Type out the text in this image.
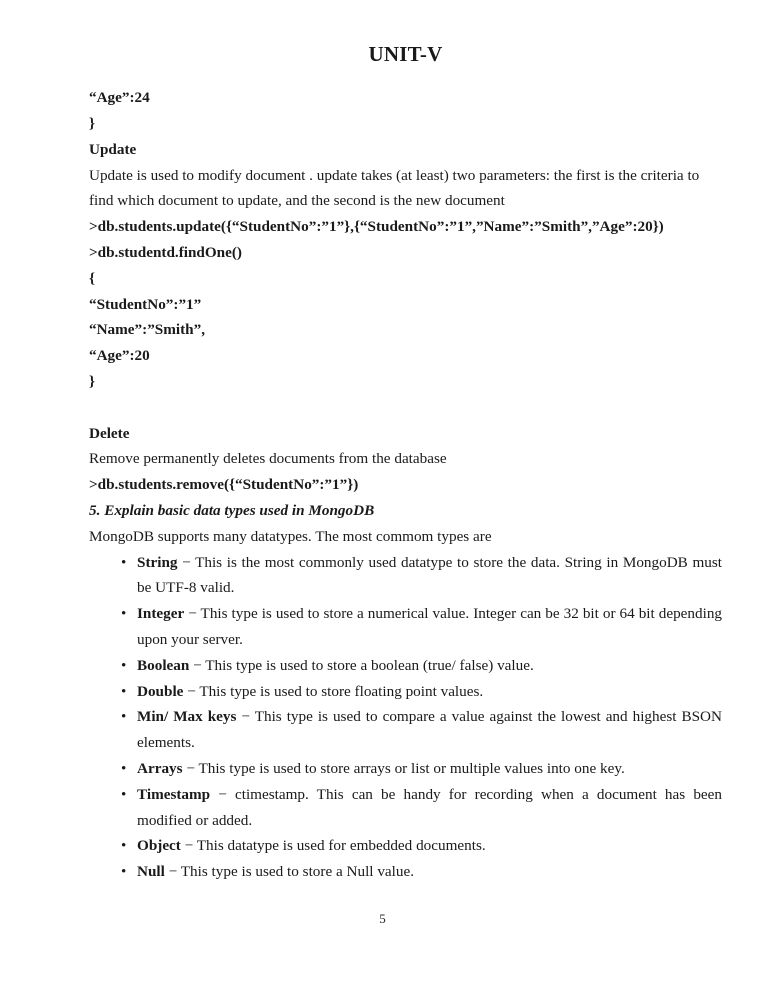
UNIT-V

“Age”:24

}

Update

Update is used to modify document . update takes (at least) two parameters: the first is the criteria to find which document to update, and the second is the new document

>db.students.update({“StudentNo”:”1”},{“StudentNo”:”1”,”Name”:”Smith”,”Age”:20})

>db.studentd.findOne()

{

“StudentNo”:”1”

“Name”:”Smith”,

“Age”:20

}

Delete

Remove permanently deletes documents from the database

>db.students.remove({“StudentNo”:”1”})

5. Explain basic data types used in MongoDB

MongoDB supports many datatypes. The most commom types are

• String − This is the most commonly used datatype to store the data. String in MongoDB must be UTF-8 valid.
• Integer − This type is used to store a numerical value. Integer can be 32 bit or 64 bit depending upon your server.
• Boolean − This type is used to store a boolean (true/ false) value.
• Double − This type is used to store floating point values.
• Min/ Max keys − This type is used to compare a value against the lowest and highest BSON elements.
• Arrays − This type is used to store arrays or list or multiple values into one key.
• Timestamp − ctimestamp. This can be handy for recording when a document has been modified or added.
• Object − This datatype is used for embedded documents.
• Null − This type is used to store a Null value.
5
